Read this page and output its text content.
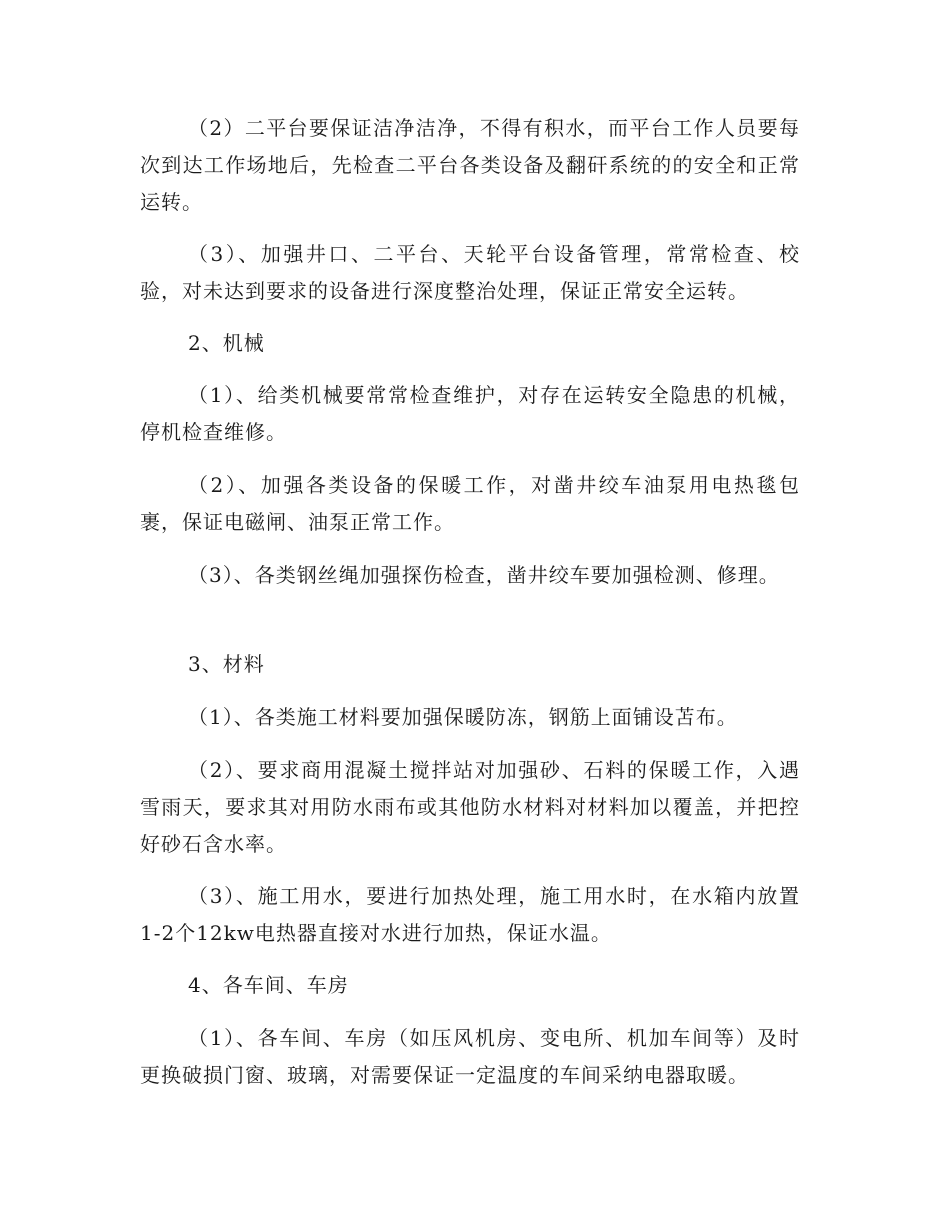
（2）二平台要保证洁净洁净，不得有积水，而平台工作人员要每次到达工作场地后，先检查二平台各类设备及翻矸系统的的安全和正常运转。

（3）、加强井口、二平台、天轮平台设备管理，常常检查、校验，对未达到要求的设备进行深度整治处理，保证正常安全运转。

2、机械

（1）、给类机械要常常检查维护，对存在运转安全隐患的机械，停机检查维修。

（2）、加强各类设备的保暖工作，对凿井绞车油泵用电热毯包裹，保证电磁闸、油泵正常工作。

（3）、各类钢丝绳加强探伤检查，凿井绞车要加强检测、修理。

3、材料

（1）、各类施工材料要加强保暖防冻，钢筋上面铺设苫布。

（2）、要求商用混凝土搅拌站对加强砂、石料的保暖工作，入遇雪雨天，要求其对用防水雨布或其他防水材料对材料加以覆盖，并把控好砂石含水率。

（3）、施工用水，要进行加热处理，施工用水时，在水箱内放置1-2个12kw电热器直接对水进行加热，保证水温。

4、各车间、车房

（1）、各车间、车房（如压风机房、变电所、机加车间等）及时更换破损门窗、玻璃，对需要保证一定温度的车间采纳电器取暖。
